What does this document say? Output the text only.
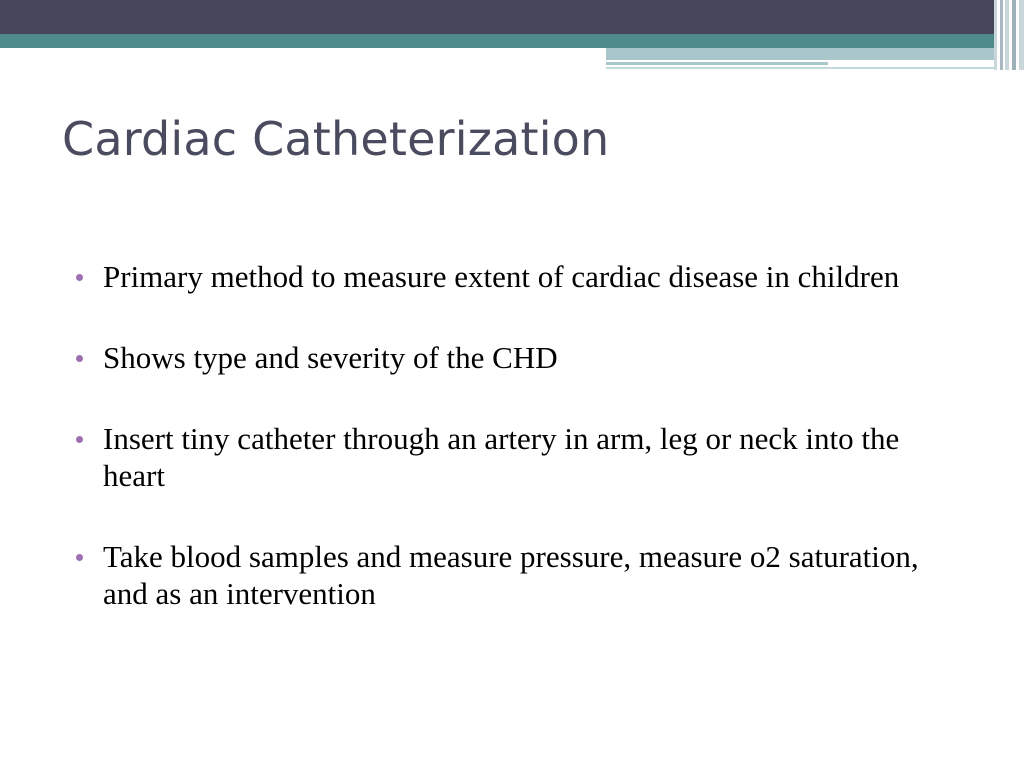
Cardiac Catheterization
Primary method to measure extent of cardiac disease in children
Shows type and severity of the CHD
Insert tiny catheter through an artery in arm, leg or neck into the heart
Take blood samples and measure pressure, measure o2 saturation, and as an intervention
